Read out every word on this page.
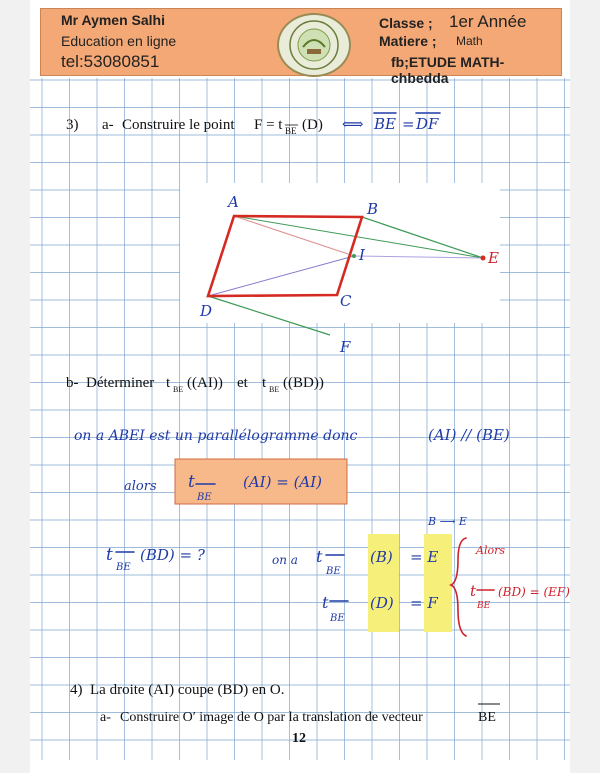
Mr Aymen Salhi
Education en ligne
tel:53080851
Classe ; 1er Année
Matiere ; Math
fb;ETUDE MATH-chbedda
3) a- Construire le point F = t BE (D) ⟺ BE = DF
A	B
C
D
E
F
I
b- Déterminer t BE ((AI)) et t BE ((BD))
on a ABEI est un parallélogramme donc	(AI) // (BE)
alors t
BE
(AI) = (AI)
B ⟶ E
t
BE
(BD) = ?	on a t
BE
(B) = E
t
BE
(D) = F
Alors
t
BE
(BD) = (EF)
4) La droite (AI) coupe (BD) en O.
a- Construire O′ image de O par la translation de vecteur	BE
12
